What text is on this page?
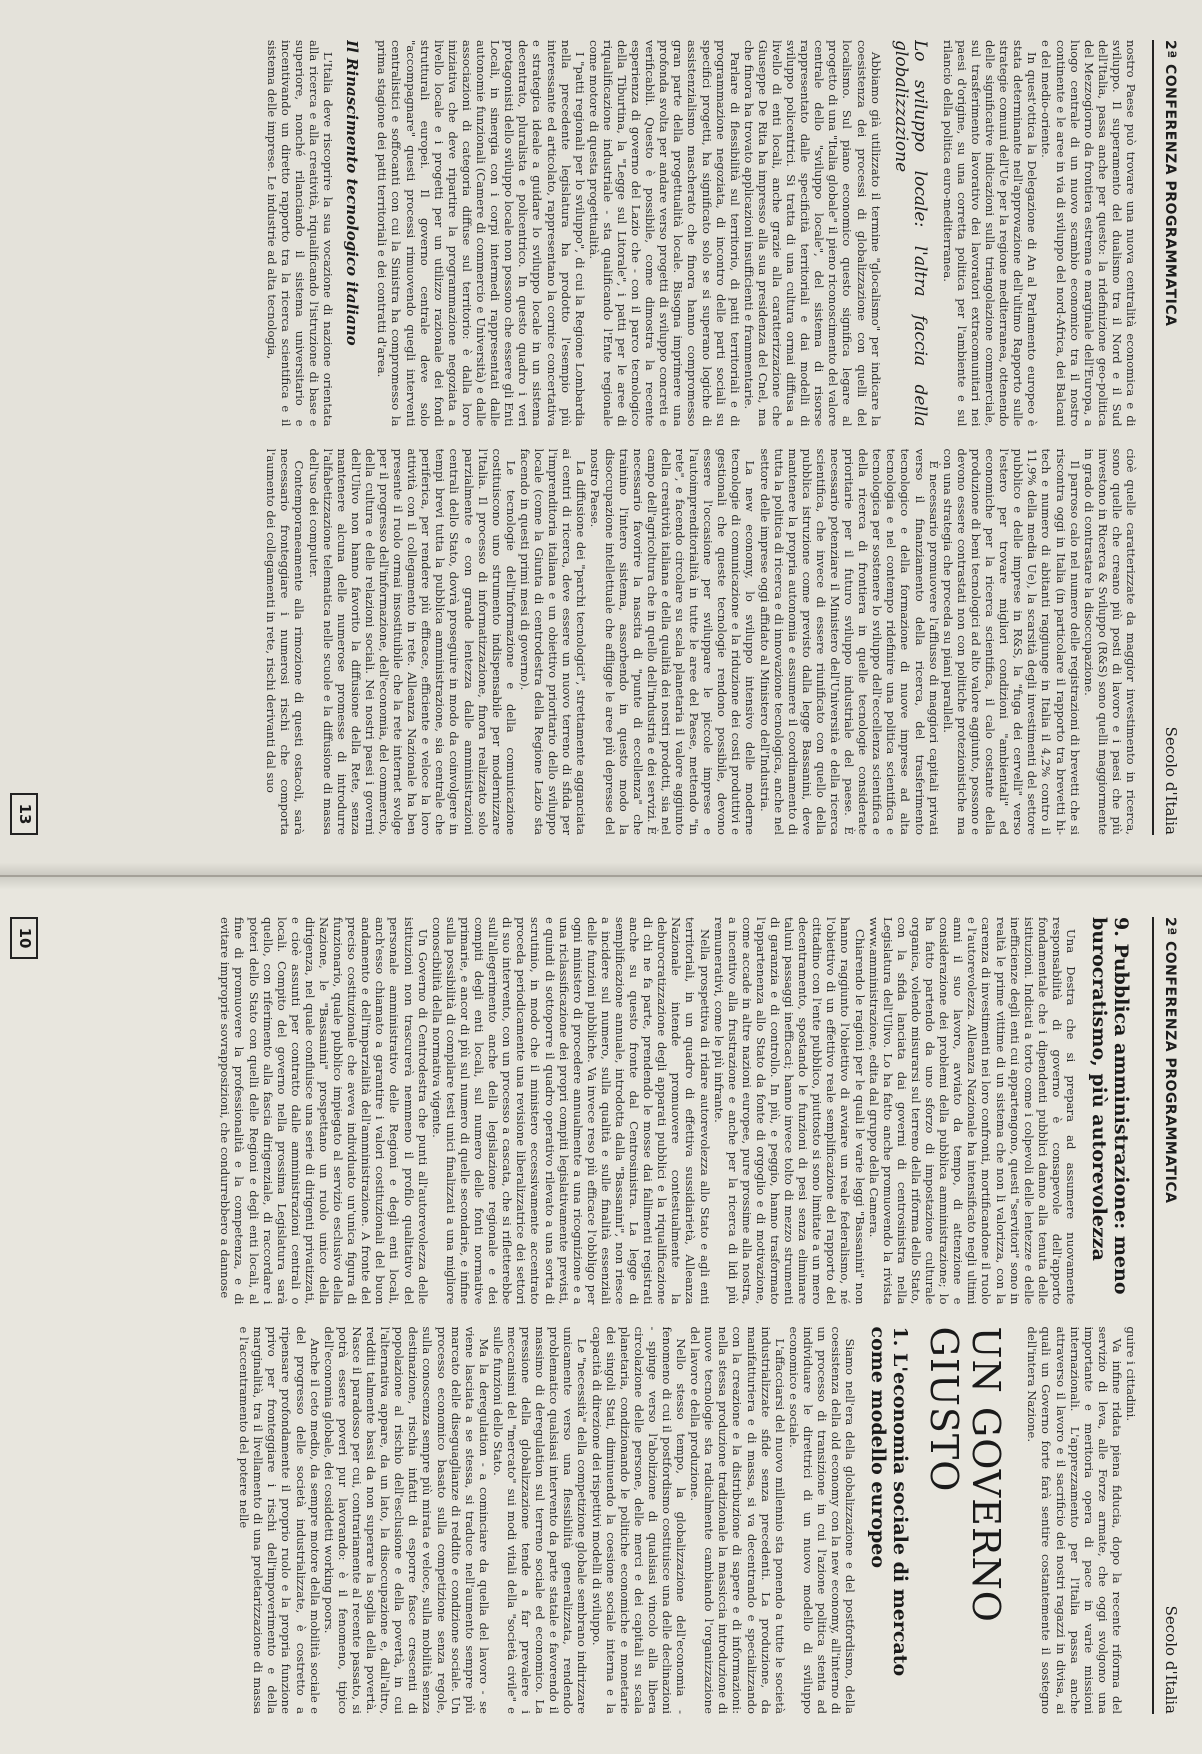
2ª CONFERENZA PROGRAMMATICA
Secolo d'Italia

nostro Paese può trovare una nuova centralità economica e di sviluppo. Il superamento del dualismo tra il Nord e il Sud dell'Italia, passa anche per questo: la ridefinizione geo-politica del Mezzogiorno da frontiera estrema e marginale dell'Europa, a luogo centrale di un nuovo scambio economico tra il nostro continente e le aree in via di sviluppo del nord-Africa, dei Balcani e del medio-oriente.

In quest'ottica la Delegazione di An al Parlamento europeo è stata determinante nell'approvazione dell'ultimo Rapporto sulle strategie comuni dell'Ue per la regione mediterranea, ottenendo delle significative indicazioni sulla triangolazione commerciale, sul trasferimento lavorativo dei lavoratori extracomunitari nei paesi d'origine, su una corretta politica per l'ambiente e sul rilancio della politica euro-mediterranea.

Lo sviluppo locale: l'altra faccia della globalizzazione

Abbiamo già utilizzato il termine "glocalismo" per indicare la coesistenza dei processi di globalizzazione con quelli del localismo. Sul piano economico questo significa legare al progetto di una "Italia globale" il pieno riconoscimento del valore centrale dello "sviluppo locale", del sistema di risorse rappresentato dalle specificità territoriali e dai modelli di sviluppo policentrici. Si tratta di una cultura ormai diffusa a livello di enti locali, anche grazie alla caratterizzazione che Giuseppe De Rita ha impresso alla sua presidenza del Cnel, ma che finora ha trovato applicazioni insufficienti e frammentarie.

Parlare di flessibilità sul territorio, di patti territoriali e di programmazione negoziata, di incontro delle parti sociali su specifici progetti, ha significato solo se si superano logiche di assistenzialismo mascherato che finora hanno compromesso gran parte della progettualità locale. Bisogna imprimere una profonda svolta per andare verso progetti di sviluppo concreti e verificabili. Questo è possibile, come dimostra la recente esperienza di governo del Lazio che - con il parco tecnologico della Tiburtina, la "Legge sul Litorale", i patti per le aree di riqualificazione industriale - sta qualificando l'Ente regionale come motore di questa progettualità.

I "patti regionali per lo sviluppo", di cui la Regione Lombardia nella precedente legislatura ha prodotto l'esempio più interessante ed articolato, rappresentano la cornice concertativa e strategica ideale a guidare lo sviluppo locale in un sistema decentrato, pluralista e policentrico. In questo quadro i veri protagonisti dello sviluppo locale non possono che essere gli Enti Locali, in sinergia con i corpi intermedi rappresentati dalle autonomie funzionali (Camere di commercio e Università) e dalle associazioni di categoria diffuse sul territorio: è dalla loro iniziativa che deve ripartire la programmazione negoziata a livello locale e i progetti per un utilizzo razionale dei fondi strutturali europei. Il governo centrale deve solo "accompagnare" questi processi rimuovendo quegli interventi centralistici e soffocanti con cui la Sinistra ha compromesso la prima stagione dei patti territoriali e dei contratti d'area.

Il Rinascimento tecnologico italiano

L'Italia deve riscoprire la sua vocazione di nazione orientata alla ricerca e alla creatività, riqualificando l'istruzione di base e superiore, nonché rilanciando il sistema universitario e incentivando un diretto rapporto tra la ricerca scientifica e il sistema delle imprese. Le industrie ad alta tecnologia,

cioè quelle caratterizzate da maggior investimento in ricerca, sono quelle che creano più posti di lavoro e i paesi che più investono in Ricerca & Sviluppo (R&S) sono quelli maggiormente in grado di contrastare la disoccupazione.

Il parroso calo nel numero delle registrazioni di brevetti che si riscontra oggi in Italia (in particolare il rapporto tra brevetti hi-tech e numero di abitanti raggiunge in Italia il 4,2% contro il 11,9% della media Ue), la scarsità degli investimenti del settore pubblico e delle imprese in R&S, la "fuga dei cervelli" verso l'estero per trovare migliori condizioni "ambientali" ed economiche per la ricerca scientifica, il calo costante della produzione di beni tecnologici ad alto valore aggiunto, possono e devono essere contrastati non con politiche protezionistiche ma con una strategia che proceda su piani paralleli.

È necessario promuovere l'afflusso di maggiori capitali privati verso il finanziamento della ricerca, del trasferimento tecnologico e della formazione di nuove imprese ad alta tecnologia e nel contempo ridefinire una politica scientifica e tecnologica per sostenere lo sviluppo dell'eccellenza scientifica e della ricerca di frontiera in quelle tecnologie considerate prioritarie per il futuro sviluppo industriale del paese. È necessario potenziare il Ministero dell'Università e della ricerca scientifica, che invece di essere riunificato con quello della pubblica istruzione come previsto dalla legge Bassanini, deve mantenere la propria autonomia e assumere il coordinamento di tutta la politica di ricerca e di innovazione tecnologica, anche nel settore delle imprese oggi affidato al Ministero dell'Industria.

La new economy, lo sviluppo intensivo delle moderne tecnologie di comunicazione e la riduzione dei costi produttivi e gestionali che queste tecnologie rendono possibile, devono essere l'occasione per sviluppare le piccole imprese e l'autoimprenditorialità in tutte le aree del Paese, mettendo "in rete", e facendo circolare su scala planetaria il valore aggiunto della creatività italiana e della qualità dei nostri prodotti, sia nel campo dell'agricoltura che in quello dell'industria e dei servizi. È necessario favorire la nascita di "punte di eccellenza" che trainino l'intero sistema, assorbendo in questo modo la disoccupazione intellettuale che affligge le aree più depresse del nostro Paese.

La diffusione dei "parchi tecnologici", strettamente agganciata ai centri di ricerca, deve essere un nuovo terreno di sfida per l'imprenditoria italiana e un obiettivo prioritario dello sviluppo locale (come la Giunta di centrodestra della Regione Lazio sta facendo in questi primi mesi di governo).

Le tecnologie dell'informazione e della comunicazione costituiscono uno strumento indispensabile per modernizzare l'Italia. Il processo di informatizzazione, finora realizzato solo parzialmente e con grande lentezza dalle amministrazioni centrali dello Stato, dovrà proseguire in modo da coinvolgere in tempi brevi tutta la pubblica amministrazione, sia centrale che periferica, per rendere più efficace, efficiente e veloce la loro attività con il collegamento in rete. Alleanza Nazionale ha ben presente il ruolo ormai insostituibile che la rete internet svolge per il progresso dell'informazione, dell'economia, del commercio, della cultura e delle relazioni sociali. Nei nostri paesi i governi dell'Ulivo non hanno favorito la diffusione della Rete, senza mantenere alcuna delle numerose promesse di introdurre l'alfabetizzazione telematica nelle scuole e la diffusione di massa dell'uso dei computer.

Contemporaneamente alla rimozione di questi ostacoli, sarà necessario fronteggiare i numerosi rischi che comporta l'aumento dei collegamenti in rete, rischi derivanti dal suo

13
2ª CONFERENZA PROGRAMMATICA
Secolo d'Italia
9. Pubblica amministrazione: meno burocratismo, più autorevolezza

Una Destra che si prepara ad assumere nuovamente responsabilità di governo è consapevole dell'apporto fondamentale che i dipendenti pubblici danno alla tenuta delle istituzioni. Indicati a torto come i colpevoli delle lentezze e delle inefficienze degli enti cui appartengono, questi "servitori" sono in realtà le prime vittime di un sistema che non li valorizza, con la carenza di investimenti nei loro confronti, mortificandone il ruolo e l'autorevolezza. Alleanza Nazionale ha intensificato negli ultimi anni il suo lavoro, avviato da tempo, di attenzione e considerazione dei problemi della pubblica amministrazione; lo ha fatto partendo da uno sforzo di impostazione culturale organica, volendo misurarsi sul terreno della riforma dello Stato, con la sfida lanciata dai governi di centrosinistra nella Legislatura dell'Ulivo. Lo ha fatto anche promuovendo la rivista www.amministrazione, edita dal gruppo della Camera.

Chiarendo le ragioni per le quali le varie leggi "Bassanini" non hanno raggiunto l'obiettivo di avviare un reale federalismo, né l'obiettivo di un effettivo reale semplificazione del rapporto del cittadino con l'ente pubblico, piuttosto si sono limitate a un mero decentramento, spostando le funzioni di pesi senza eliminare taluni passaggi inefficaci; hanno invece tolto di mezzo strumenti di garanzia e di controllo. In più, e peggio, hanno trasformato l'appartenenza allo Stato da fonte di orgoglio e di motivazione, come accade in altre nazioni europee, pure prossime alla nostra, a incentivo alla frustrazione e anche per la ricerca di lidi più remunerativi, come le più infrante.

Nella prospettiva di ridare autorevolezza allo Stato e agli enti territoriali, in un quadro di effettiva sussidiarietà, Alleanza Nazionale intende promuovere contestualmente la deburocratizzazione degli apparati pubblici e la riqualificazione di chi ne fa parte, prendendo le mosse dai fallimenti registrati anche su questo fronte dal Centrosinistra. La legge di semplificazione annuale, introdotta dalla "Bassanini", non riesce a incidere sul numero, sulla qualità e sulle finalità essenziali delle funzioni pubbliche. Va invece reso più efficace l'obbligo per ogni ministero di procedere annualmente a una ricognizione e a una riclassificazione dei propri compiti legislativamente previsti, e quindi di sottoporre il quadro operativo rilevato a una sorta di scrutinio, in modo che il ministero eccessivamente accentrato proceda periodicamente una revisione liberalizzatrice dei settori di suo intervento, con un processo a cascata, che si rifletterebbe sull'allegerimento anche della legislazione regionale e dei compiti degli enti locali, sul numero delle fonti normative primarie, e ancor di più sul numero di quelle secondarie, e infine sulla possibilità di compilare testi unici finalizzati a una migliore conoscibilità della normativa vigente.

Un Governo di Centrodestra che punti all'autorevolezza delle istituzioni non trascurerà nemmeno il profilo qualitativo del personale amministrativo delle Regioni e degli enti locali, anch'esso chiamato a garantire i valori costituzionali del buon andamento e dell'imparzialità dell'amministrazione. A fronte del preciso costituzionale che aveva individuato un'unica figura di funzionario, quale pubblico impiegato al servizio esclusivo della Nazione, le "Bassanini" prospettano un ruolo unico della dirigenza, nel quale confluisce una serie di dirigenti privatizzati, e cioè assunti per contratto dalle amministrazioni centrali o locali. Compito del governo nella prossima Legislatura sarà quello, con riferimento alla fascia dirigenziale, di raccordare i poteri dello Stato con quelli delle Regioni e degli enti locali, al fine di promuovere la professionalità e la competenza, e di evitare improprie sovrapposizioni, che condurrebbero a dannose

guire i cittadini.

Va infine ridata piena fiducia, dopo la recente riforma del servizio di leva, alle Forze armate, che oggi svolgono una importante e meritoria opera di pace in varie missioni internazionali. L'apprezzamento per l'Italia passa anche attraverso il lavoro e il sacrificio dei nostri ragazzi in divisa, ai quali un Governo forte farà sentire costantemente il sostegno dell'intera Nazione.

UN GOVERNO GIUSTO
1. L'economia sociale di mercato come modello europeo

Siamo nell'era della globalizzazione e del postfordismo, della coesistenza della old economy con la new economy, all'interno di un processo di transizione in cui l'azione politica stenta ad individuare le direttrici di un nuovo modello di sviluppo economico e sociale.

L'affacciarsi del nuovo millennio sta ponendo a tutte le società industrializzate sfide senza precedenti. La produzione, da manifatturiera e di massa, si va decentrando e specializzando con la creazione e la distribuzione di sapere e di informazioni: nella stessa produzione tradizionale la massiccia introduzione di nuove tecnologie sta radicalmente cambiando l'organizzazione del lavoro e della produzione.

Nello stesso tempo, la globalizzazione dell'economia - fenomeno di cui il postfordismo costituisce una delle declinazioni - spinge verso l'abolizione di qualsiasi vincolo alla libera circolazione delle persone, delle merci e dei capitali su scala planetaria, condizionando le politiche economiche e monetarie dei singoli Stati, diminuendo la coesione sociale interna e la capacità di direzione dei rispettivi modelli di sviluppo.

Le "necessità" della competizione globale sembrano indirizzare unicamente verso una flessibilità generalizzata, rendendo problematico qualsiasi intervento da parte statale e favorendo il massimo di deregulation sul terreno sociale ed economico. La pressione della globalizzazione tende a far prevalere i meccanismi del "mercato" sui modi vitali della "società civile" e sulle funzioni dello Stato.

Ma la deregulation - a cominciare da quella del lavoro - se viene lasciata a se stessa, si traduce nell'aumento sempre più marcato delle diseguaglianze di reddito e condizione sociale. Un processo economico basato sulla competizione senza regole, sulla conoscenza sempre più mirata e veloce, sulla mobilità senza destinazione, rischia infatti di esporre fasce crescenti di popolazione al rischio dell'esclusione e della povertà, in cui l'alternativa appare, da un lato, la disoccupazione e, dall'altro, redditi talmente bassi da non superare la soglia della povertà. Nasce il paradosso per cui, contrariamente al recente passato, si potrà essere poveri pur lavorando: è il fenomeno, tipico dell'economia globale, dei cosiddetti working poors.

Anche il ceto medio, da sempre motore della mobilità sociale e del progresso delle società industrializzate, è costretto a ripensare profondamente il proprio ruolo e la propria funzione privo per fronteggiare i rischi dell'impoverimento e della marginalità, tra il livellamento di una proletarizzazione di massa e l'accentramento del potere nelle

10
